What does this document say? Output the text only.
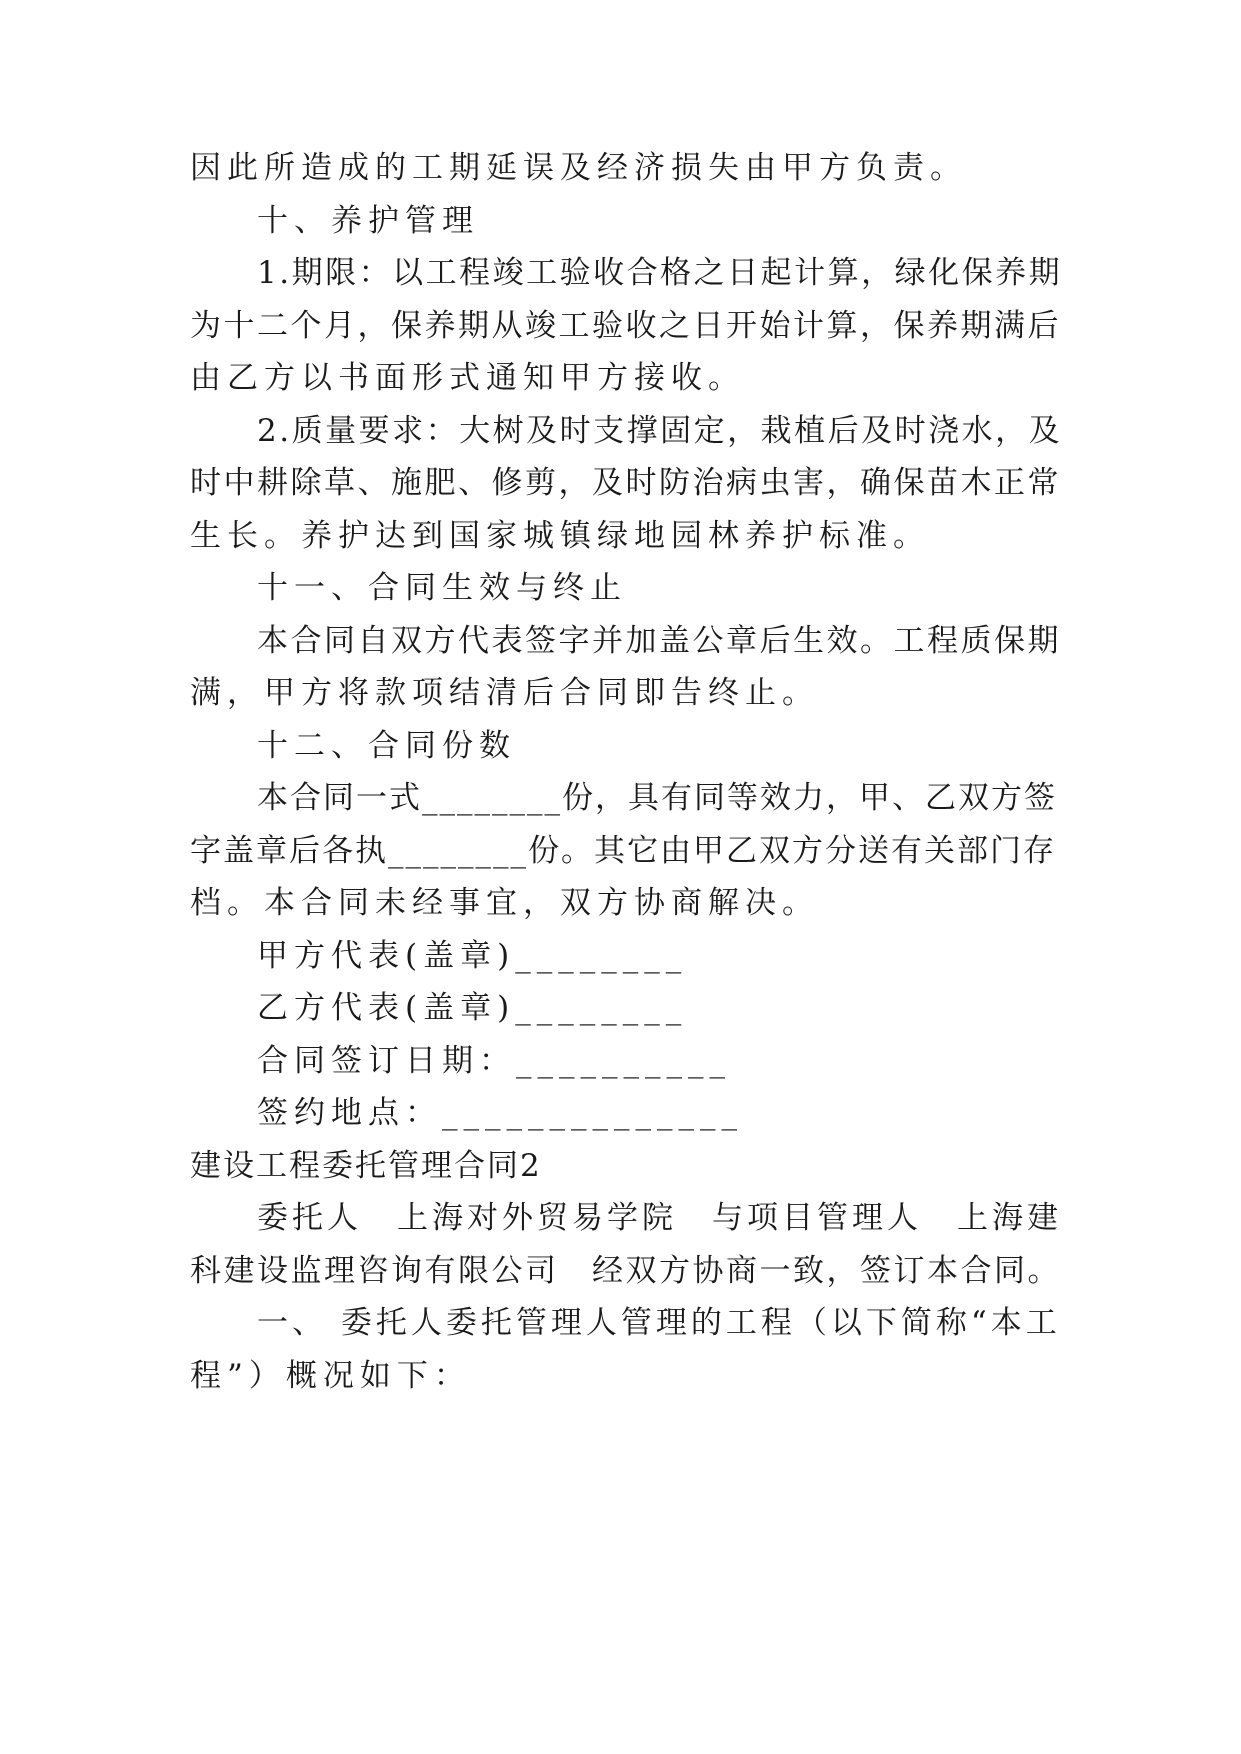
因此所造成的工期延误及经济损失由甲方负责。

十、养护管理

1.期限：以工程竣工验收合格之日起计算，绿化保养期

为十二个月，保养期从竣工验收之日开始计算，保养期满后

由乙方以书面形式通知甲方接收。

2.质量要求：大树及时支撑固定，栽植后及时浇水，及

时中耕除草、施肥、修剪，及时防治病虫害，确保苗木正常

生长。养护达到国家城镇绿地园林养护标准。

十一、合同生效与终止

本合同自双方代表签字并加盖公章后生效。工程质保期

满，甲方将款项结清后合同即告终止。

十二、合同份数

本合同一式________份，具有同等效力，甲、乙双方签

字盖章后各执________份。其它由甲乙双方分送有关部门存

档。本合同未经事宜，双方协商解决。

甲方代表(盖章)________

乙方代表(盖章)________

合同签订日期：__________

签约地点：______________

建设工程委托管理合同2

委托人　上海对外贸易学院　与项目管理人　上海建

科建设监理咨询有限公司　经双方协商一致，签订本合同。

一、 委托人委托管理人管理的工程（以下简称“本工

程”）概况如下：
